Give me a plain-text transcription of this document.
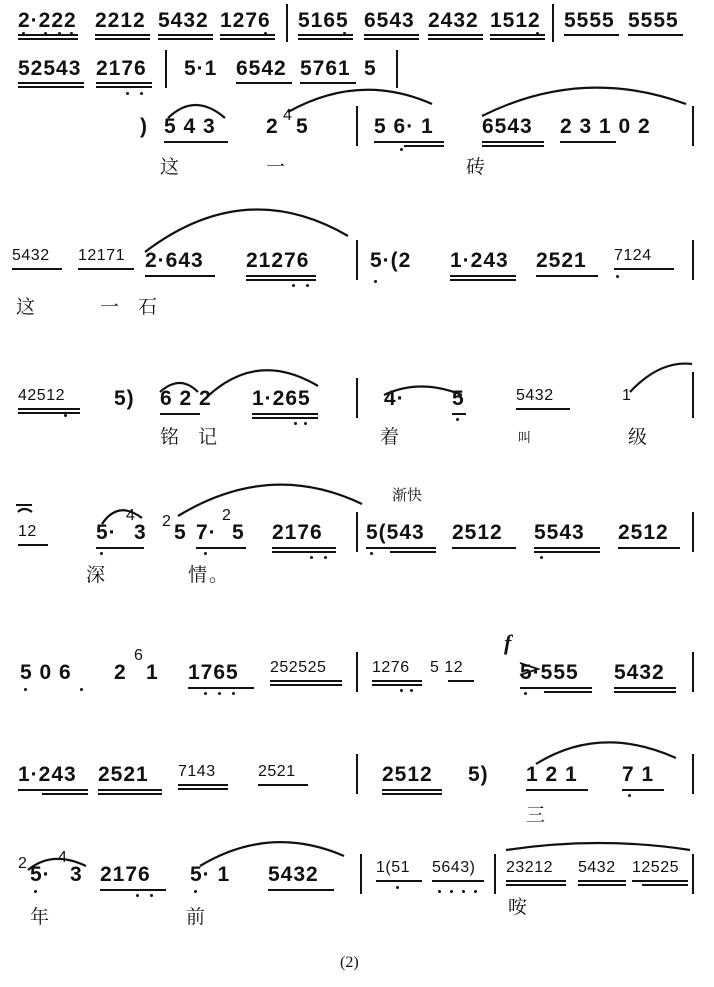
2·222 2212 5432 1276 5165 6543 2432 1512 5555 5555
52543 2176 5·1 6542 5761 5
) 5 4 3 2 4 5	5 6· 1 6543 2 3 1 0 2
这	一	砖
5432 12171 2·643 21276	5·(2 1·243 2521 7124
这	一 石
42512 5) 6 2 2 1·265	4· 5	5432	1
铭 记	着	叫	级
渐快
12	5·
4
3 2 5 7·
2
5 2176 5(543 2512 5543 2512
深	情。
f
5 0 6 2
6
1 1765 252525	1276 5 12	5·555 5432
1·243 2521 7143	2521	2512 5) 1 2 1 7 1
三
2 5·
4
3 2176 5· 1 5432	1(51 5643) 23212 5432 12525
年	前	咹
(2)
